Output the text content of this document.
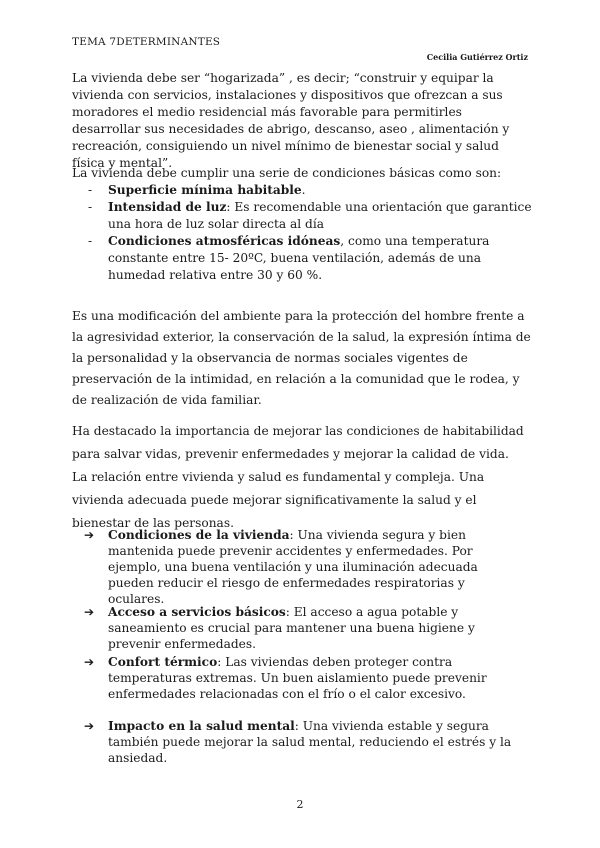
TEMA 7DETERMINANTES
Cecilia Gutiérrez Ortiz
La vivienda debe ser “hogarizada” , es decir; “construir y equipar la vivienda con servicios, instalaciones y dispositivos que ofrezcan a sus moradores el medio residencial más favorable para permitirles desarrollar sus necesidades de abrigo, descanso, aseo , alimentación y recreación, consiguiendo un nivel mínimo de bienestar social y salud física y mental”.
La vivienda debe cumplir una serie de condiciones básicas como son:
- Superficie mínima habitable.
- Intensidad de luz: Es recomendable una orientación que garantice una hora de luz solar directa al día
- Condiciones atmosféricas idóneas, como una temperatura constante entre 15- 20ºC, buena ventilación, además de una humedad relativa entre 30 y 60 %.
Es una modificación del ambiente para la protección del hombre frente a la agresividad exterior, la conservación de la salud, la expresión íntima de la personalidad y la observancia de normas sociales vigentes de preservación de la intimidad, en relación a la comunidad que le rodea, y de realización de vida familiar.
Ha destacado la importancia de mejorar las condiciones de habitabilidad para salvar vidas, prevenir enfermedades y mejorar la calidad de vida.
La relación entre vivienda y salud es fundamental y compleja. Una vivienda adecuada puede mejorar significativamente la salud y el bienestar de las personas.
➔ Condiciones de la vivienda: Una vivienda segura y bien mantenida puede prevenir accidentes y enfermedades. Por ejemplo, una buena ventilación y una iluminación adecuada pueden reducir el riesgo de enfermedades respiratorias y oculares.
➔ Acceso a servicios básicos: El acceso a agua potable y saneamiento es crucial para mantener una buena higiene y prevenir enfermedades.
➔ Confort térmico: Las viviendas deben proteger contra temperaturas extremas. Un buen aislamiento puede prevenir enfermedades relacionadas con el frío o el calor excesivo.
➔ Impacto en la salud mental: Una vivienda estable y segura también puede mejorar la salud mental, reduciendo el estrés y la ansiedad.
2
